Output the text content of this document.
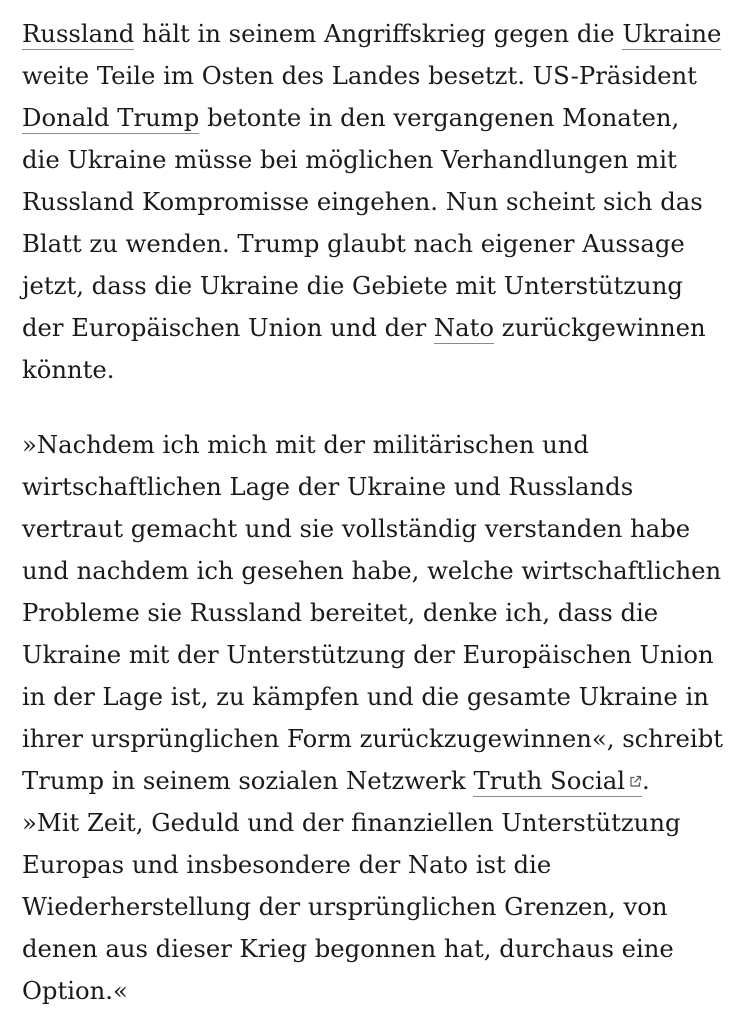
Russland hält in seinem Angriffskrieg gegen die Ukraine
weite Teile im Osten des Landes besetzt. US-Präsident
Donald Trump betonte in den vergangenen Monaten,
die Ukraine müsse bei möglichen Verhandlungen mit
Russland Kompromisse eingehen. Nun scheint sich das
Blatt zu wenden. Trump glaubt nach eigener Aussage
jetzt, dass die Ukraine die Gebiete mit Unterstützung
der Europäischen Union und der Nato zurückgewinnen
könnte.

»Nachdem ich mich mit der militärischen und
wirtschaftlichen Lage der Ukraine und Russlands
vertraut gemacht und sie vollständig verstanden habe
und nachdem ich gesehen habe, welche wirtschaftlichen
Probleme sie Russland bereitet, denke ich, dass die
Ukraine mit der Unterstützung der Europäischen Union
in der Lage ist, zu kämpfen und die gesamte Ukraine in
ihrer ursprünglichen Form zurückzugewinnen«, schreibt
Trump in seinem sozialen Netzwerk Truth Social .
»Mit Zeit, Geduld und der finanziellen Unterstützung
Europas und insbesondere der Nato ist die
Wiederherstellung der ursprünglichen Grenzen, von
denen aus dieser Krieg begonnen hat, durchaus eine
Option.«
